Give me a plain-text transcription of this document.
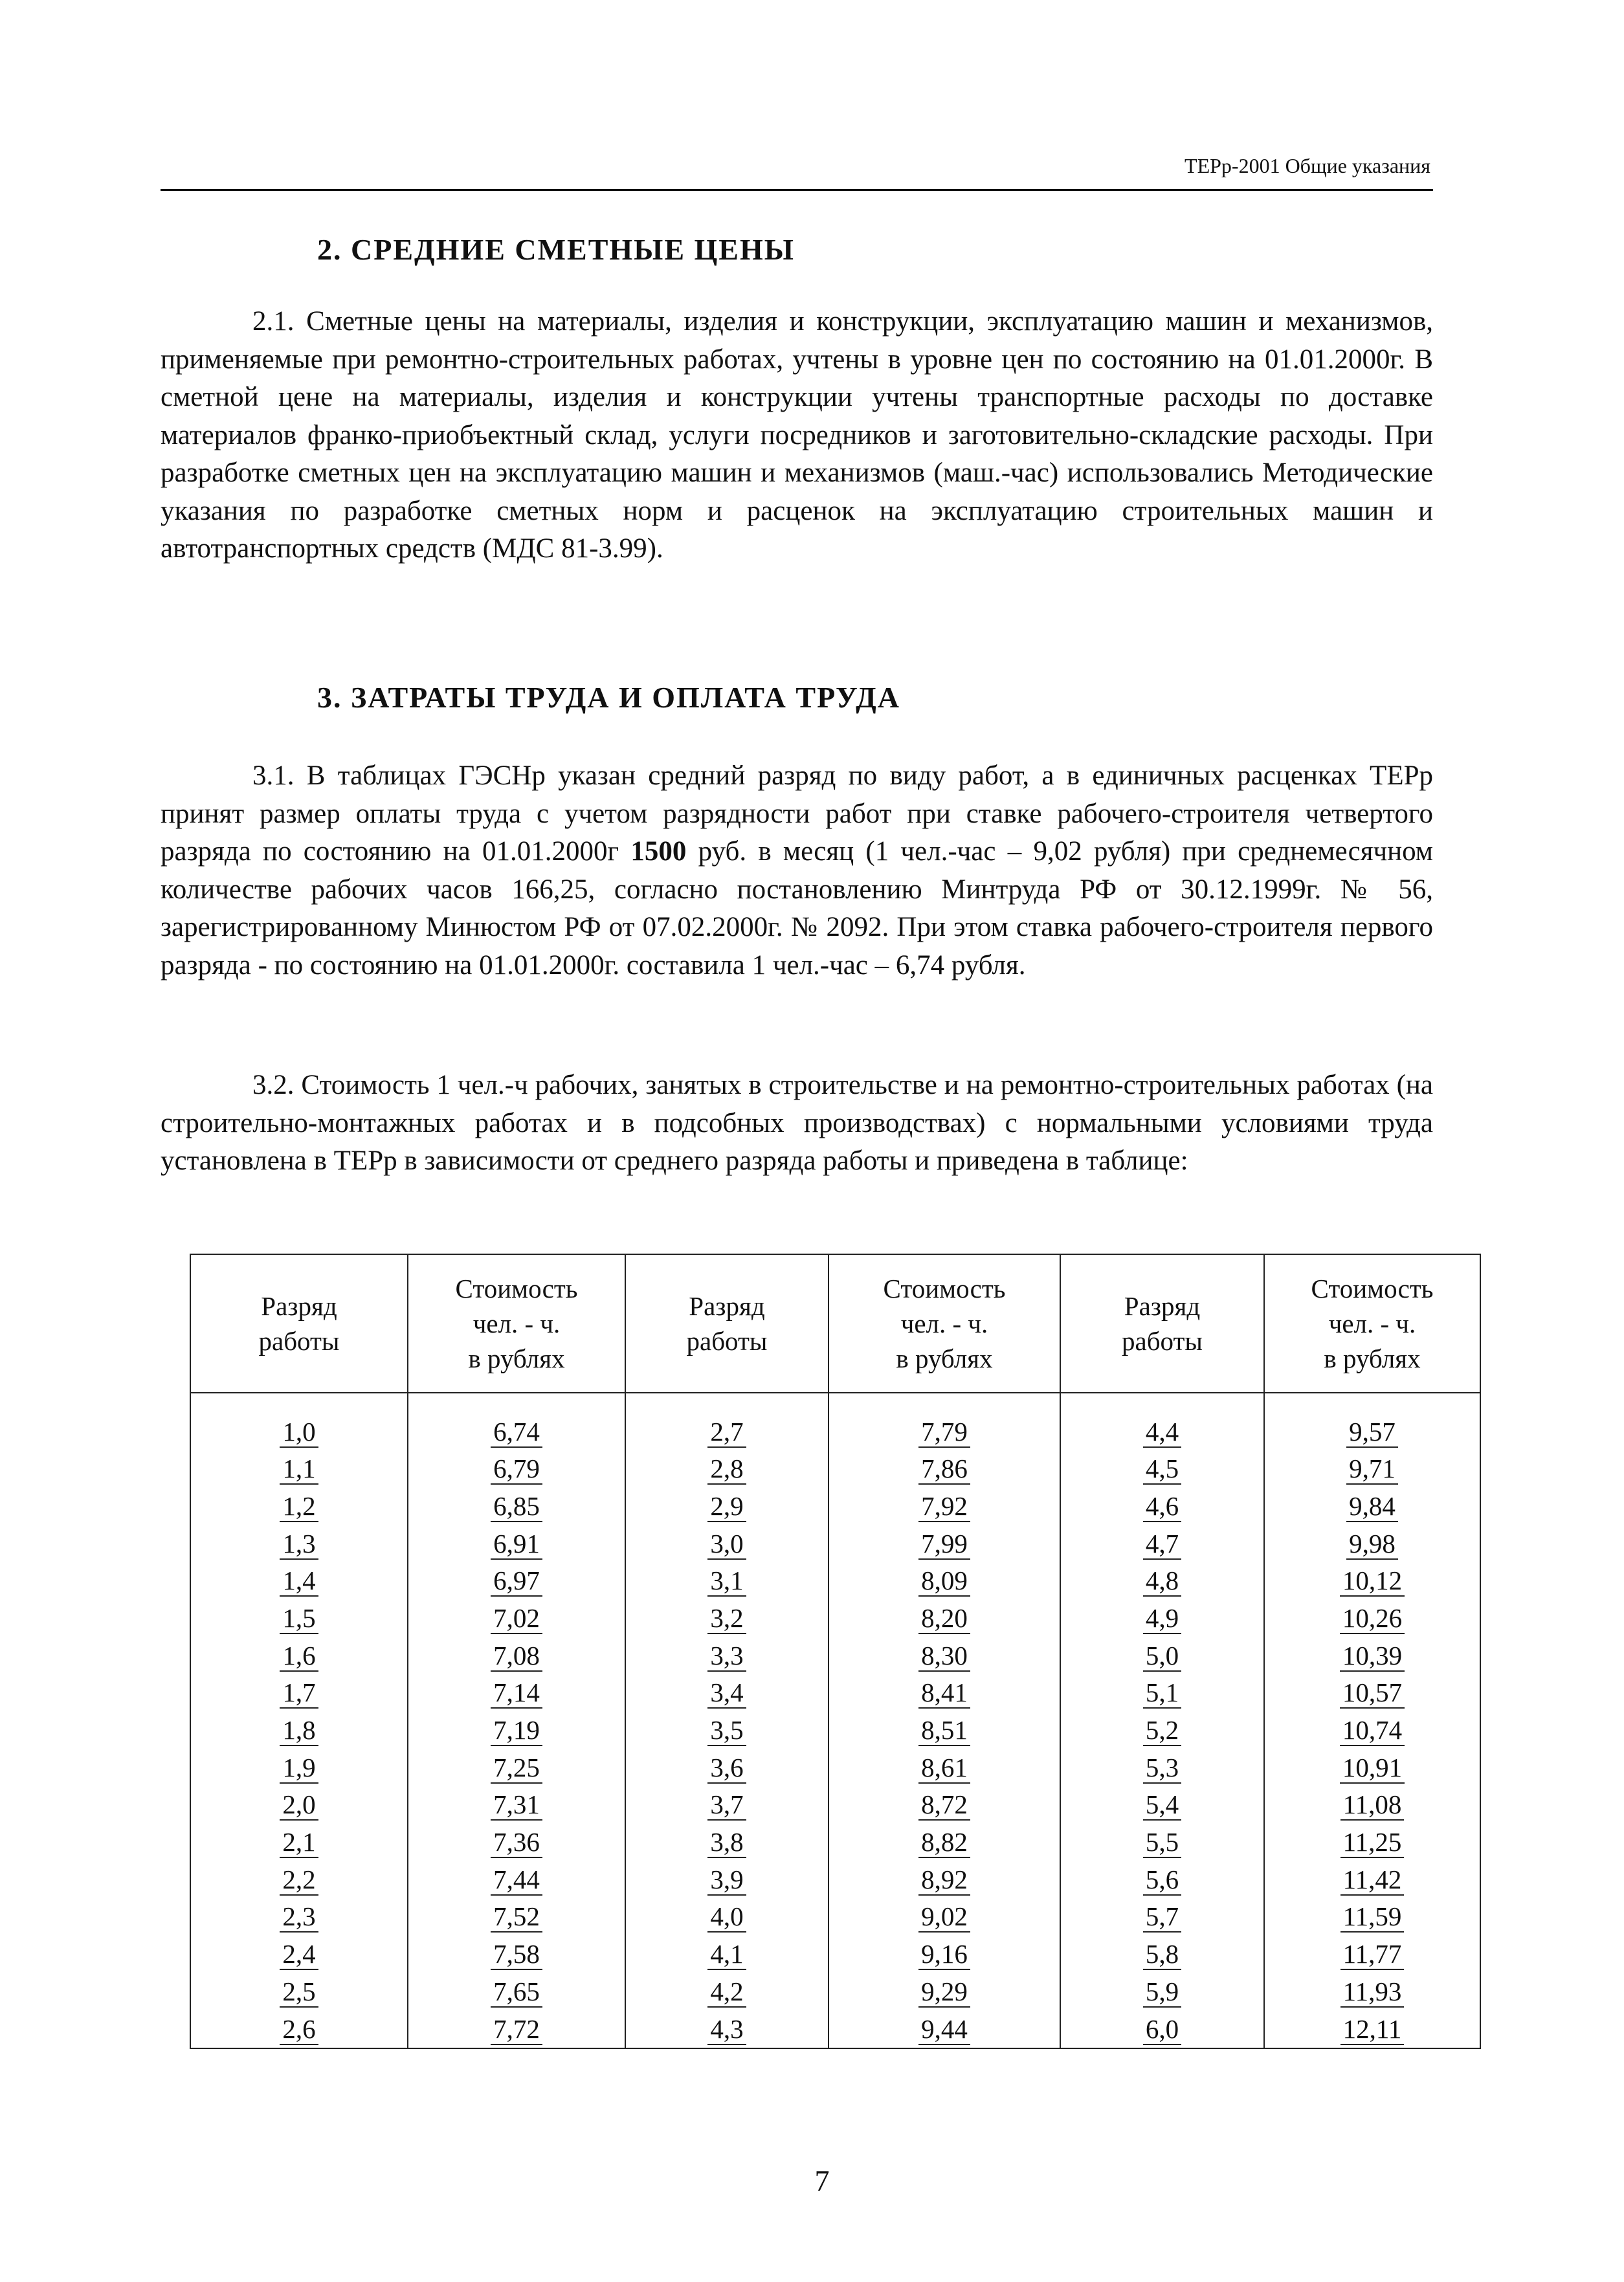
ТЕРр-2001 Общие указания
2. СРЕДНИЕ СМЕТНЫЕ ЦЕНЫ

2.1. Сметные цены на материалы, изделия и конструкции, эксплуатацию машин и механизмов, применяемые при ремонтно-строительных работах, учтены в уровне цен по состоянию на 01.01.2000г. В сметной цене на материалы, изделия и конструкции учтены транспортные расходы по доставке материалов франко-приобъектный склад, услуги посредников и заготовительно-складские расходы. При разработке сметных цен на эксплуатацию машин и механизмов (маш.-час) использовались Методические указания по разработке сметных норм и расценок на эксплуатацию строительных машин и автотранспортных средств (МДС 81-3.99).

3. ЗАТРАТЫ ТРУДА И ОПЛАТА ТРУДА

3.1. В таблицах ГЭСНр указан средний разряд по виду работ, а в единичных расценках ТЕРр принят размер оплаты труда с учетом разрядности работ при ставке рабочего-строителя четвертого разряда по состоянию на 01.01.2000г 1500 руб. в месяц (1 чел.-час – 9,02 рубля) при среднемесячном количестве рабочих часов 166,25, согласно постановлению Минтруда РФ от 30.12.1999г. № 56, зарегистрированному Минюстом РФ от 07.02.2000г. № 2092. При этом ставка рабочего-строителя первого разряда - по состоянию на 01.01.2000г. составила 1 чел.-час – 6,74 рубля.

3.2. Стоимость 1 чел.-ч рабочих, занятых в строительстве и на ремонтно-строительных работах (на строительно-монтажных работах и в подсобных производствах) с нормальными условиями труда установлена в ТЕРр в зависимости от среднего разряда работы и приведена в таблице:

Разряд
работы	Стоимость
чел. - ч.
в рублях	Разряд
работы	Стоимость
чел. - ч.
в рублях	Разряд
работы	Стоимость
чел. - ч.
в рублях

1,0	6,74	2,7	7,79	4,4	9,57
1,1	6,79	2,8	7,86	4,5	9,71
1,2	6,85	2,9	7,92	4,6	9,84
1,3	6,91	3,0	7,99	4,7	9,98
1,4	6,97	3,1	8,09	4,8	10,12
1,5	7,02	3,2	8,20	4,9	10,26
1,6	7,08	3,3	8,30	5,0	10,39
1,7	7,14	3,4	8,41	5,1	10,57
1,8	7,19	3,5	8,51	5,2	10,74
1,9	7,25	3,6	8,61	5,3	10,91
2,0	7,31	3,7	8,72	5,4	11,08
2,1	7,36	3,8	8,82	5,5	11,25
2,2	7,44	3,9	8,92	5,6	11,42
2,3	7,52	4,0	9,02	5,7	11,59
2,4	7,58	4,1	9,16	5,8	11,77
2,5	7,65	4,2	9,29	5,9	11,93
2,6	7,72	4,3	9,44	6,0	12,11
7
